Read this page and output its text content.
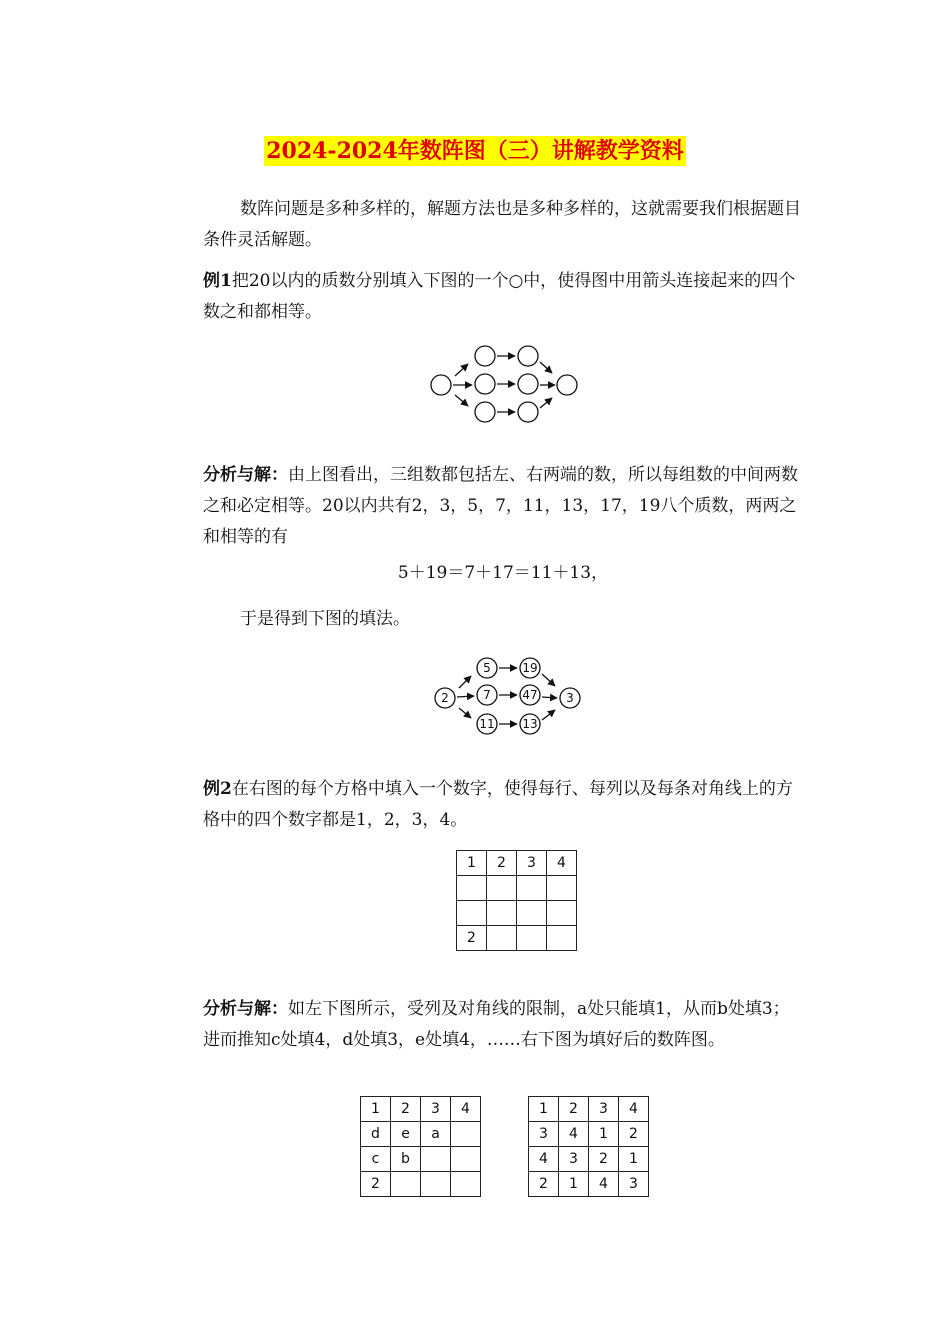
2024-2024年数阵图（三）讲解教学资料

数阵问题是多种多样的，解题方法也是多种多样的，这就需要我们根据题目条件灵活解题。

例1把20以内的质数分别填入下图的一个○中，使得图中用箭头连接起来的四个数之和都相等。

分析与解：由上图看出，三组数都包括左、右两端的数，所以每组数的中间两数之和必定相等。20以内共有2，3，5，7，11，13，17，19八个质数，两两之和相等的有

5＋19＝7＋17＝11＋13，

于是得到下图的填法。

2
5	19
7	47
11 13
3

例2在右图的每个方格中填入一个数字，使得每行、每列以及每条对角线上的方格中的四个数字都是1，2，3，4。

1	2	3	4

2			

分析与解：如左下图所示，受列及对角线的限制，a处只能填1，从而b处填3；进而推知c处填4，d处填3，e处填4，……右下图为填好后的数阵图。

1	2	3	4
d	e	a	
c	b		
2			
1	2	3	4
3	4	1	2
4	3	2	1
2	1	4	3
